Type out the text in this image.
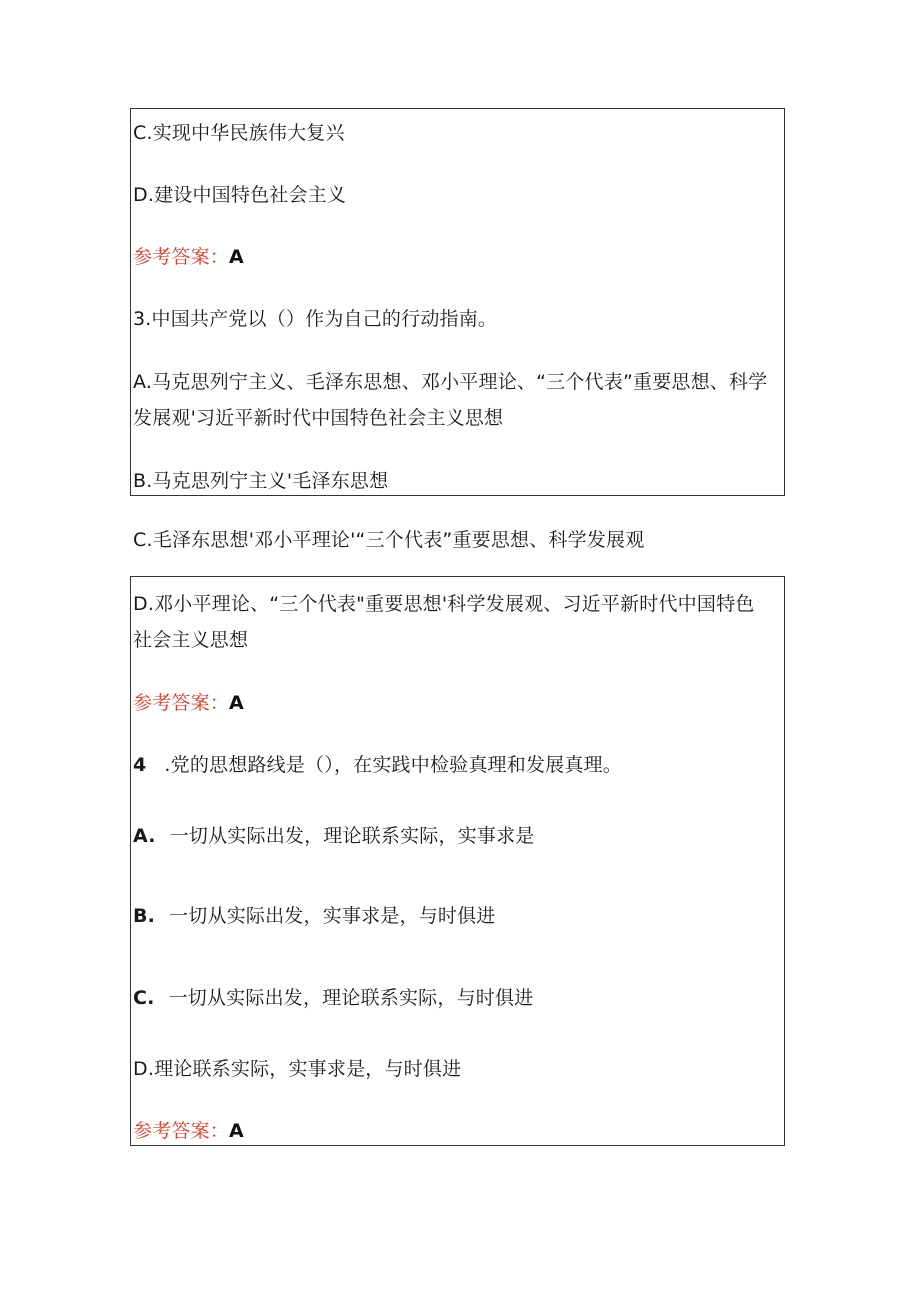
C.实现中华民族伟大复兴
D.建设中国特色社会主义
参考答案：A
3.中国共产党以（）作为自己的行动指南。
A.马克思列宁主义、毛泽东思想、邓小平理论、“三个代表”重要思想、科学发展观'习近平新时代中国特色社会主义思想
B.马克思列宁主义'毛泽东思想
C.毛泽东思想'邓小平理论'“三个代表”重要思想、科学发展观
D.邓小平理论、“三个代表"重要思想'科学发展观、习近平新时代中国特色社会主义思想
参考答案：A
4 .党的思想路线是（），在实践中检验真理和发展真理。
A. 一切从实际出发，理论联系实际，实事求是
B. 一切从实际出发，实事求是，与时俱进
C. 一切从实际出发，理论联系实际，与时俱进
D.理论联系实际，实事求是，与时俱进
参考答案：A
